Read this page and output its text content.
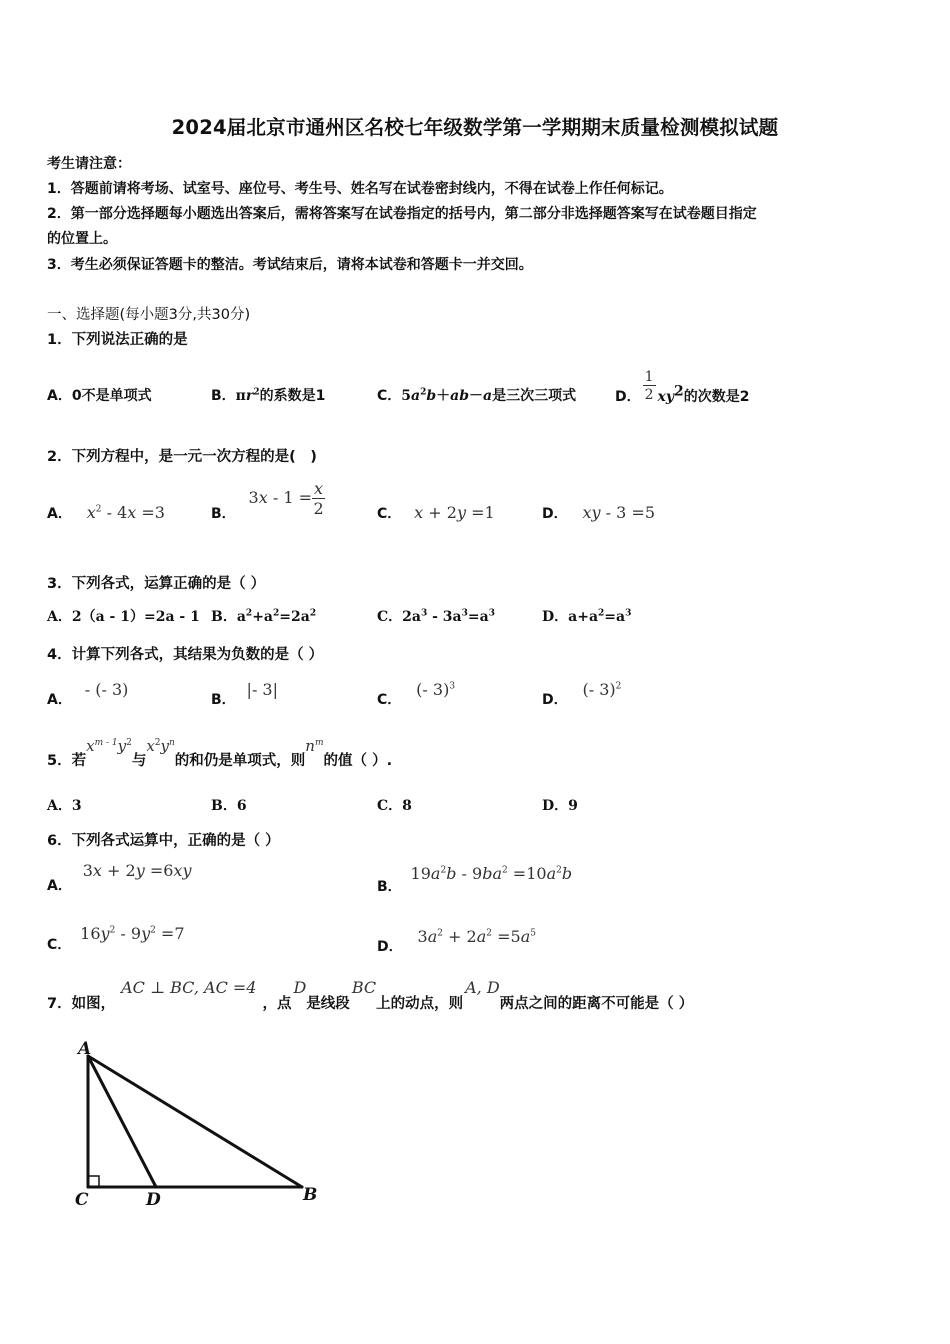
2024届北京市通州区名校七年级数学第一学期期末质量检测模拟试题
考生请注意：
1．答题前请将考场、试室号、座位号、考生号、姓名写在试卷密封线内，不得在试卷上作任何标记。
2．第一部分选择题每小题选出答案后，需将答案写在试卷指定的括号内，第二部分非选择题答案写在试卷题目指定
的位置上。
3．考生必须保证答题卡的整洁。考试结束后，请将本试卷和答题卡一并交回。
一、选择题(每小题3分,共30分)
1．下列说法正确的是
A．0不是单项式	B．$\pi r^2$的系数是1	C．$5a^2b+ab-a$是三次三项式	D． $\frac{1}{2} xy^2$的次数是2
2．下列方程中，是一元一次方程的是(　)
A． $x^2 - 4x =3$	B． $3x - 1 = \frac{x}{2}$	C． x + 2y =1	D． xy - 3 =5
3．下列各式，运算正确的是（ ）
A．2（a - 1）=2a - 1 B．$a^2+a^2=2a^2$	C．$2a^3 - 3a^3=a^3$	D．$a+a^2=a^3$
4．计算下列各式，其结果为负数的是（ ）
A． - (- 3)
B． |- 3|
C． (- 3)$^3$
D． (- 3)$^2$
5．若$x^{m - 1}y^2$与$x^2y^n$的和仍是单项式，则$n^m$的值（ ）.
A．3	B．6	C．8	D．9
6．下列各式运算中，正确的是（ ）
A． 3x + 2y =6xy
B． $19a^2b - 9ba^2 =10a^2b$
C． $16y^2 - 9y^2 =7$
D． $3a^2 + 2a^2 =5a^5$
7．如图，AC ⊥ BC, AC =4，点D是线段BC上的动点，则A, D两点之间的距离不可能是（ ）
A
C	D	B
